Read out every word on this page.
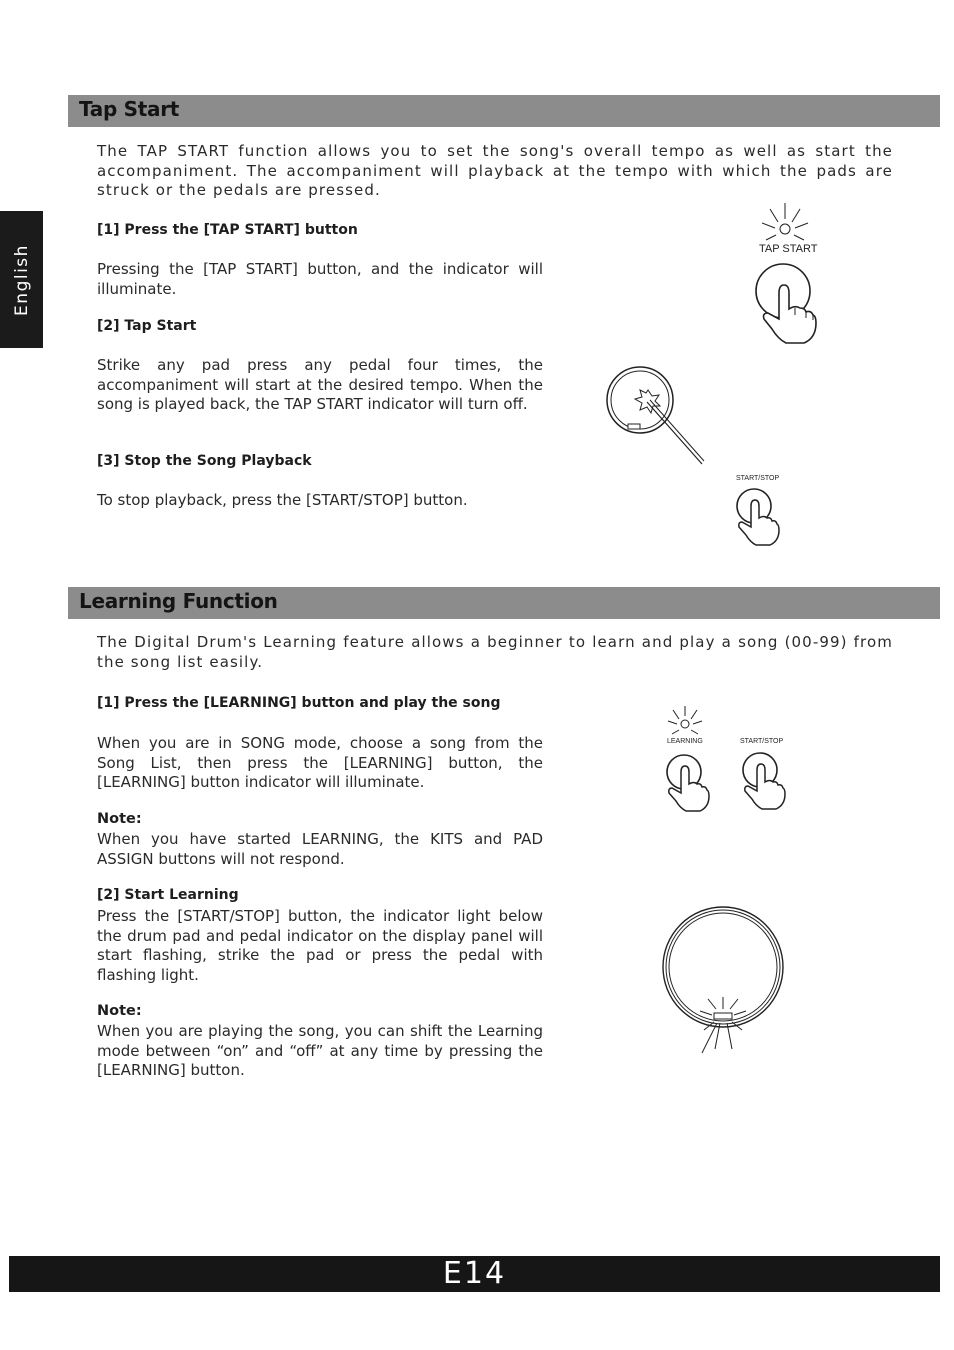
English
Tap Start

The TAP START function allows you to set the song's overall tempo as well as start the accompaniment. The accompaniment will playback at the tempo with which the pads are struck or the pedals are pressed.

[1] Press the [TAP START] button

Pressing the [TAP START] button, and the indicator will illuminate.

[2] Tap Start

Strike any pad press any pedal four times, the accompaniment will start at the desired tempo. When the song is played back, the TAP START indicator will turn off.

[3] Stop the Song Playback

To stop playback, press the [START/STOP] button.

TAP START
START/STOP
Learning Function

The Digital Drum's Learning feature allows a beginner to learn and play a song (00-99) from the song list easily.

[1] Press the [LEARNING] button and play the song

When you are in SONG mode, choose a song from the Song List, then press the [LEARNING] button, the [LEARNING] button indicator will illuminate.

Note:

When you have started LEARNING, the KITS and PAD ASSIGN buttons will not respond.

[2] Start Learning

Press the [START/STOP] button, the indicator light below the drum pad and pedal indicator on the display panel will start flashing, strike the pad or press the pedal with flashing light.

Note:

When you are playing the song, you can shift the Learning mode between “on” and “off” at any time by pressing the [LEARNING] button.

LEARNING	START/STOP
E14
